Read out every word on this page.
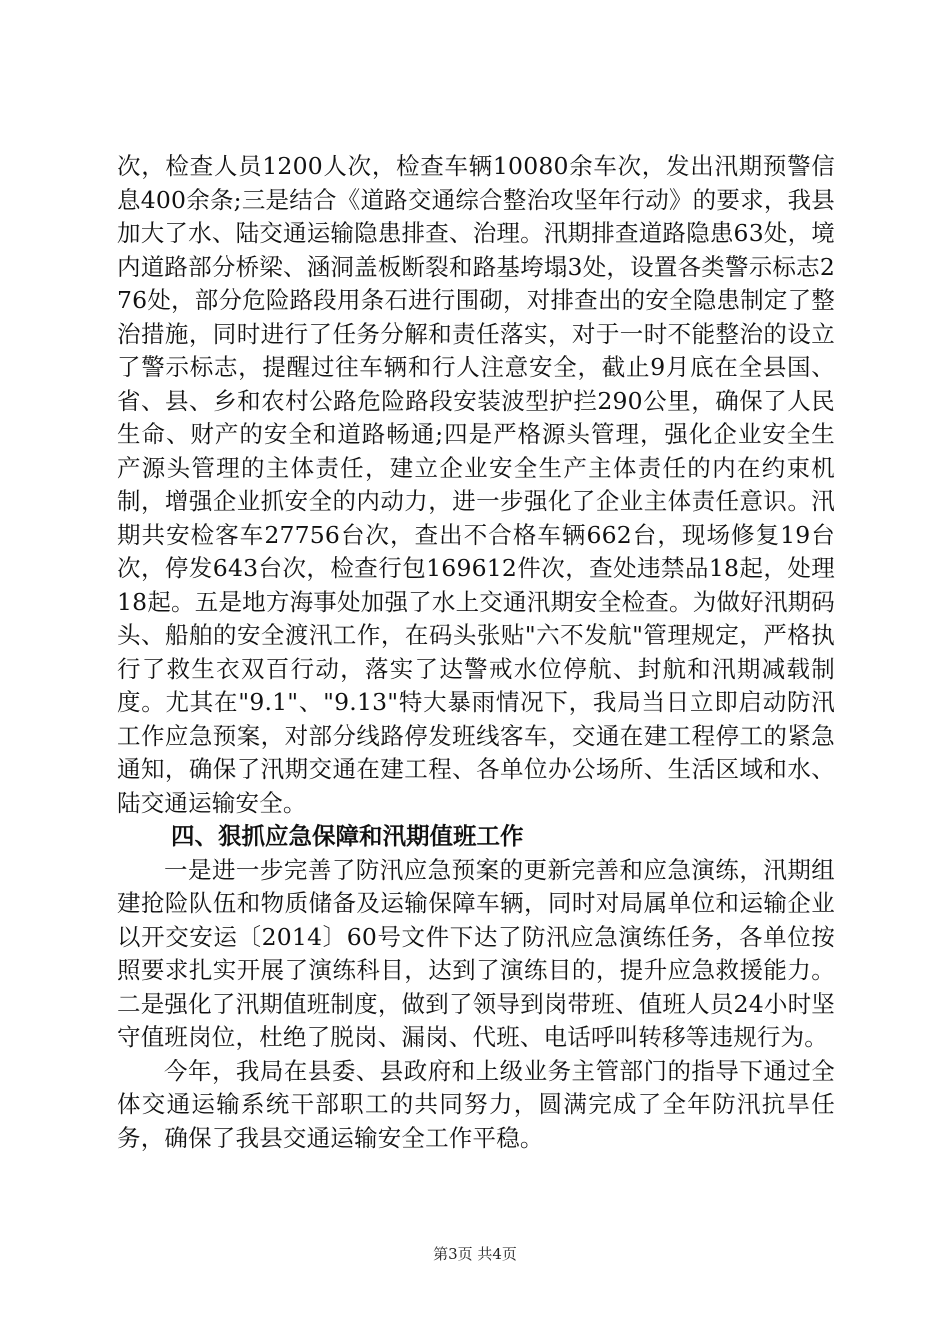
次，检查人员1200人次，检查车辆10080余车次，发出汛期预警信息400余条;三是结合《道路交通综合整治攻坚年行动》的要求，我县加大了水、陆交通运输隐患排查、治理。汛期排查道路隐患63处，境内道路部分桥梁、涵洞盖板断裂和路基垮塌3处，设置各类警示标志276处，部分危险路段用条石进行围砌，对排查出的安全隐患制定了整治措施，同时进行了任务分解和责任落实，对于一时不能整治的设立了警示标志，提醒过往车辆和行人注意安全，截止9月底在全县国、省、县、乡和农村公路危险路段安装波型护拦290公里，确保了人民生命、财产的安全和道路畅通;四是严格源头管理，强化企业安全生产源头管理的主体责任，建立企业安全生产主体责任的内在约束机制，增强企业抓安全的内动力，进一步强化了企业主体责任意识。汛期共安检客车27756台次，查出不合格车辆662台，现场修复19台次，停发643台次，检查行包169612件次，查处违禁品18起，处理18起。五是地方海事处加强了水上交通汛期安全检查。为做好汛期码头、船舶的安全渡汛工作，在码头张贴"六不发航"管理规定，严格执行了救生衣双百行动，落实了达警戒水位停航、封航和汛期减载制度。尤其在"9.1"、"9.13"特大暴雨情况下，我局当日立即启动防汛工作应急预案，对部分线路停发班线客车，交通在建工程停工的紧急通知，确保了汛期交通在建工程、各单位办公场所、生活区域和水、陆交通运输安全。

四、狠抓应急保障和汛期值班工作

一是进一步完善了防汛应急预案的更新完善和应急演练，汛期组建抢险队伍和物质储备及运输保障车辆，同时对局属单位和运输企业以开交安运〔2014〕60号文件下达了防汛应急演练任务，各单位按照要求扎实开展了演练科目，达到了演练目的，提升应急救援能力。二是强化了汛期值班制度，做到了领导到岗带班、值班人员24小时坚守值班岗位，杜绝了脱岗、漏岗、代班、电话呼叫转移等违规行为。

今年，我局在县委、县政府和上级业务主管部门的指导下通过全体交通运输系统干部职工的共同努力，圆满完成了全年防汛抗旱任务，确保了我县交通运输安全工作平稳。

第3页 共4页
